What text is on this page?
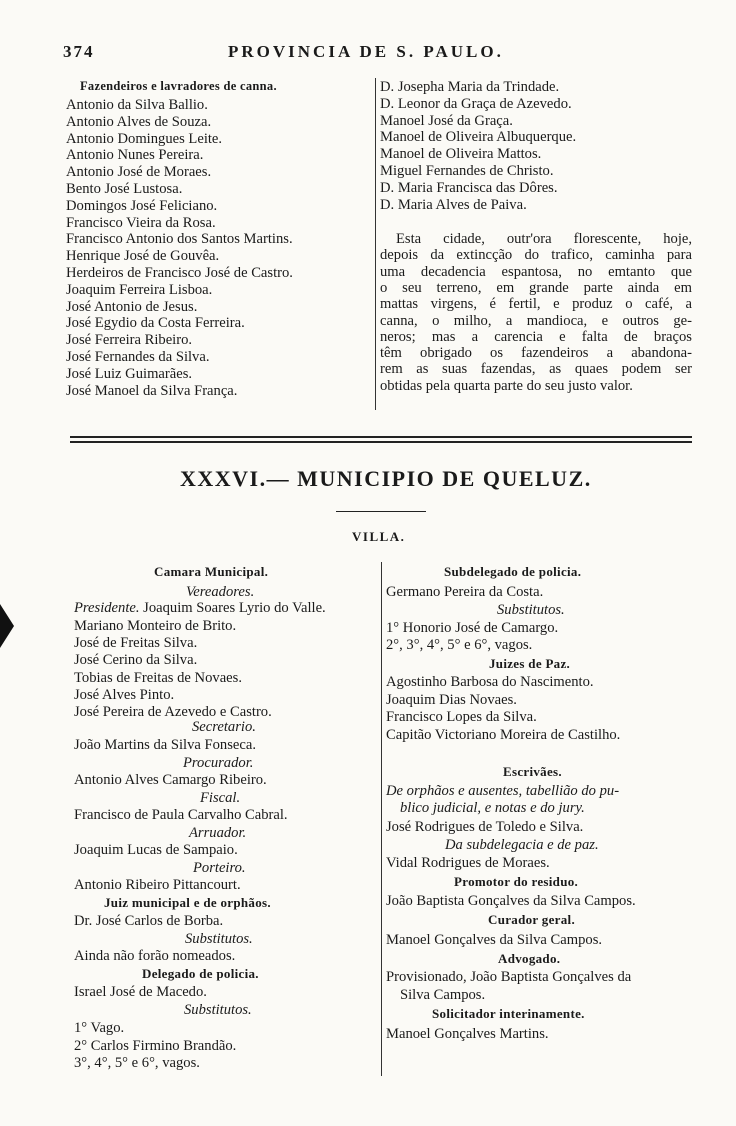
374	PROVINCIA DE S. PAULO.
Fazendeiros e lavradores de canna.
Antonio da Silva Ballio.
Antonio Alves de Souza.
Antonio Domingues Leite.
Antonio Nunes Pereira.
Antonio José de Moraes.
Bento José Lustosa.
Domingos José Feliciano.
Francisco Vieira da Rosa.
Francisco Antonio dos Santos Martins.
Henrique José de Gouvêa.
Herdeiros de Francisco José de Castro.
Joaquim Ferreira Lisboa.
José Antonio de Jesus.
José Egydio da Costa Ferreira.
José Ferreira Ribeiro.
José Fernandes da Silva.
José Luiz Guimarães.
José Manoel da Silva França.
D. Josepha Maria da Trindade.
D. Leonor da Graça de Azevedo.
Manoel José da Graça.
Manoel de Oliveira Albuquerque.
Manoel de Oliveira Mattos.
Miguel Fernandes de Christo.
D. Maria Francisca das Dôres.
D. Maria Alves de Paiva.
Esta cidade, outr'ora florescente, hoje,
depois da extincção do trafico, caminha para
uma decadencia espantosa, no emtanto que
o seu terreno, em grande parte ainda em
mattas virgens, é fertil, e produz o café, a
canna, o milho, a mandioca, e outros ge-
neros; mas a carencia e falta de braços
têm obrigado os fazendeiros a abandona-
rem as suas fazendas, as quaes podem ser
obtidas pela quarta parte do seu justo valor.
XXXVI.— MUNICIPIO DE QUELUZ.
VILLA.
Camara Municipal.
Vereadores.
Presidente. Joaquim Soares Lyrio do Valle.
Mariano Monteiro de Brito.
José de Freitas Silva.
José Cerino da Silva.
Tobias de Freitas de Novaes.
José Alves Pinto.
José Pereira de Azevedo e Castro.
Secretario.
João Martins da Silva Fonseca.
Procurador.
Antonio Alves Camargo Ribeiro.
Fiscal.
Francisco de Paula Carvalho Cabral.
Arruador.
Joaquim Lucas de Sampaio.
Porteiro.
Antonio Ribeiro Pittancourt.
Juiz municipal e de orphãos.
Dr. José Carlos de Borba.
Substitutos.
Ainda não forão nomeados.
Delegado de policia.
Israel José de Macedo.
Substitutos.
1° Vago.
2° Carlos Firmino Brandão.
3°, 4°, 5° e 6°, vagos.
Subdelegado de policia.
Germano Pereira da Costa.
Substitutos.
1° Honorio José de Camargo.
2°, 3°, 4°, 5° e 6°, vagos.
Juizes de Paz.
Agostinho Barbosa do Nascimento.
Joaquim Dias Novaes.
Francisco Lopes da Silva.
Capitão Victoriano Moreira de Castilho.
Escrivães.
De orphãos e ausentes, tabellião do pu-
blico judicial, e notas e do jury.
José Rodrigues de Toledo e Silva.
Da subdelegacia e de paz.
Vidal Rodrigues de Moraes.
Promotor do residuo.
João Baptista Gonçalves da Silva Campos.
Curador geral.
Manoel Gonçalves da Silva Campos.
Advogado.
Provisionado, João Baptista Gonçalves da
Silva Campos.
Solicitador interinamente.
Manoel Gonçalves Martins.
